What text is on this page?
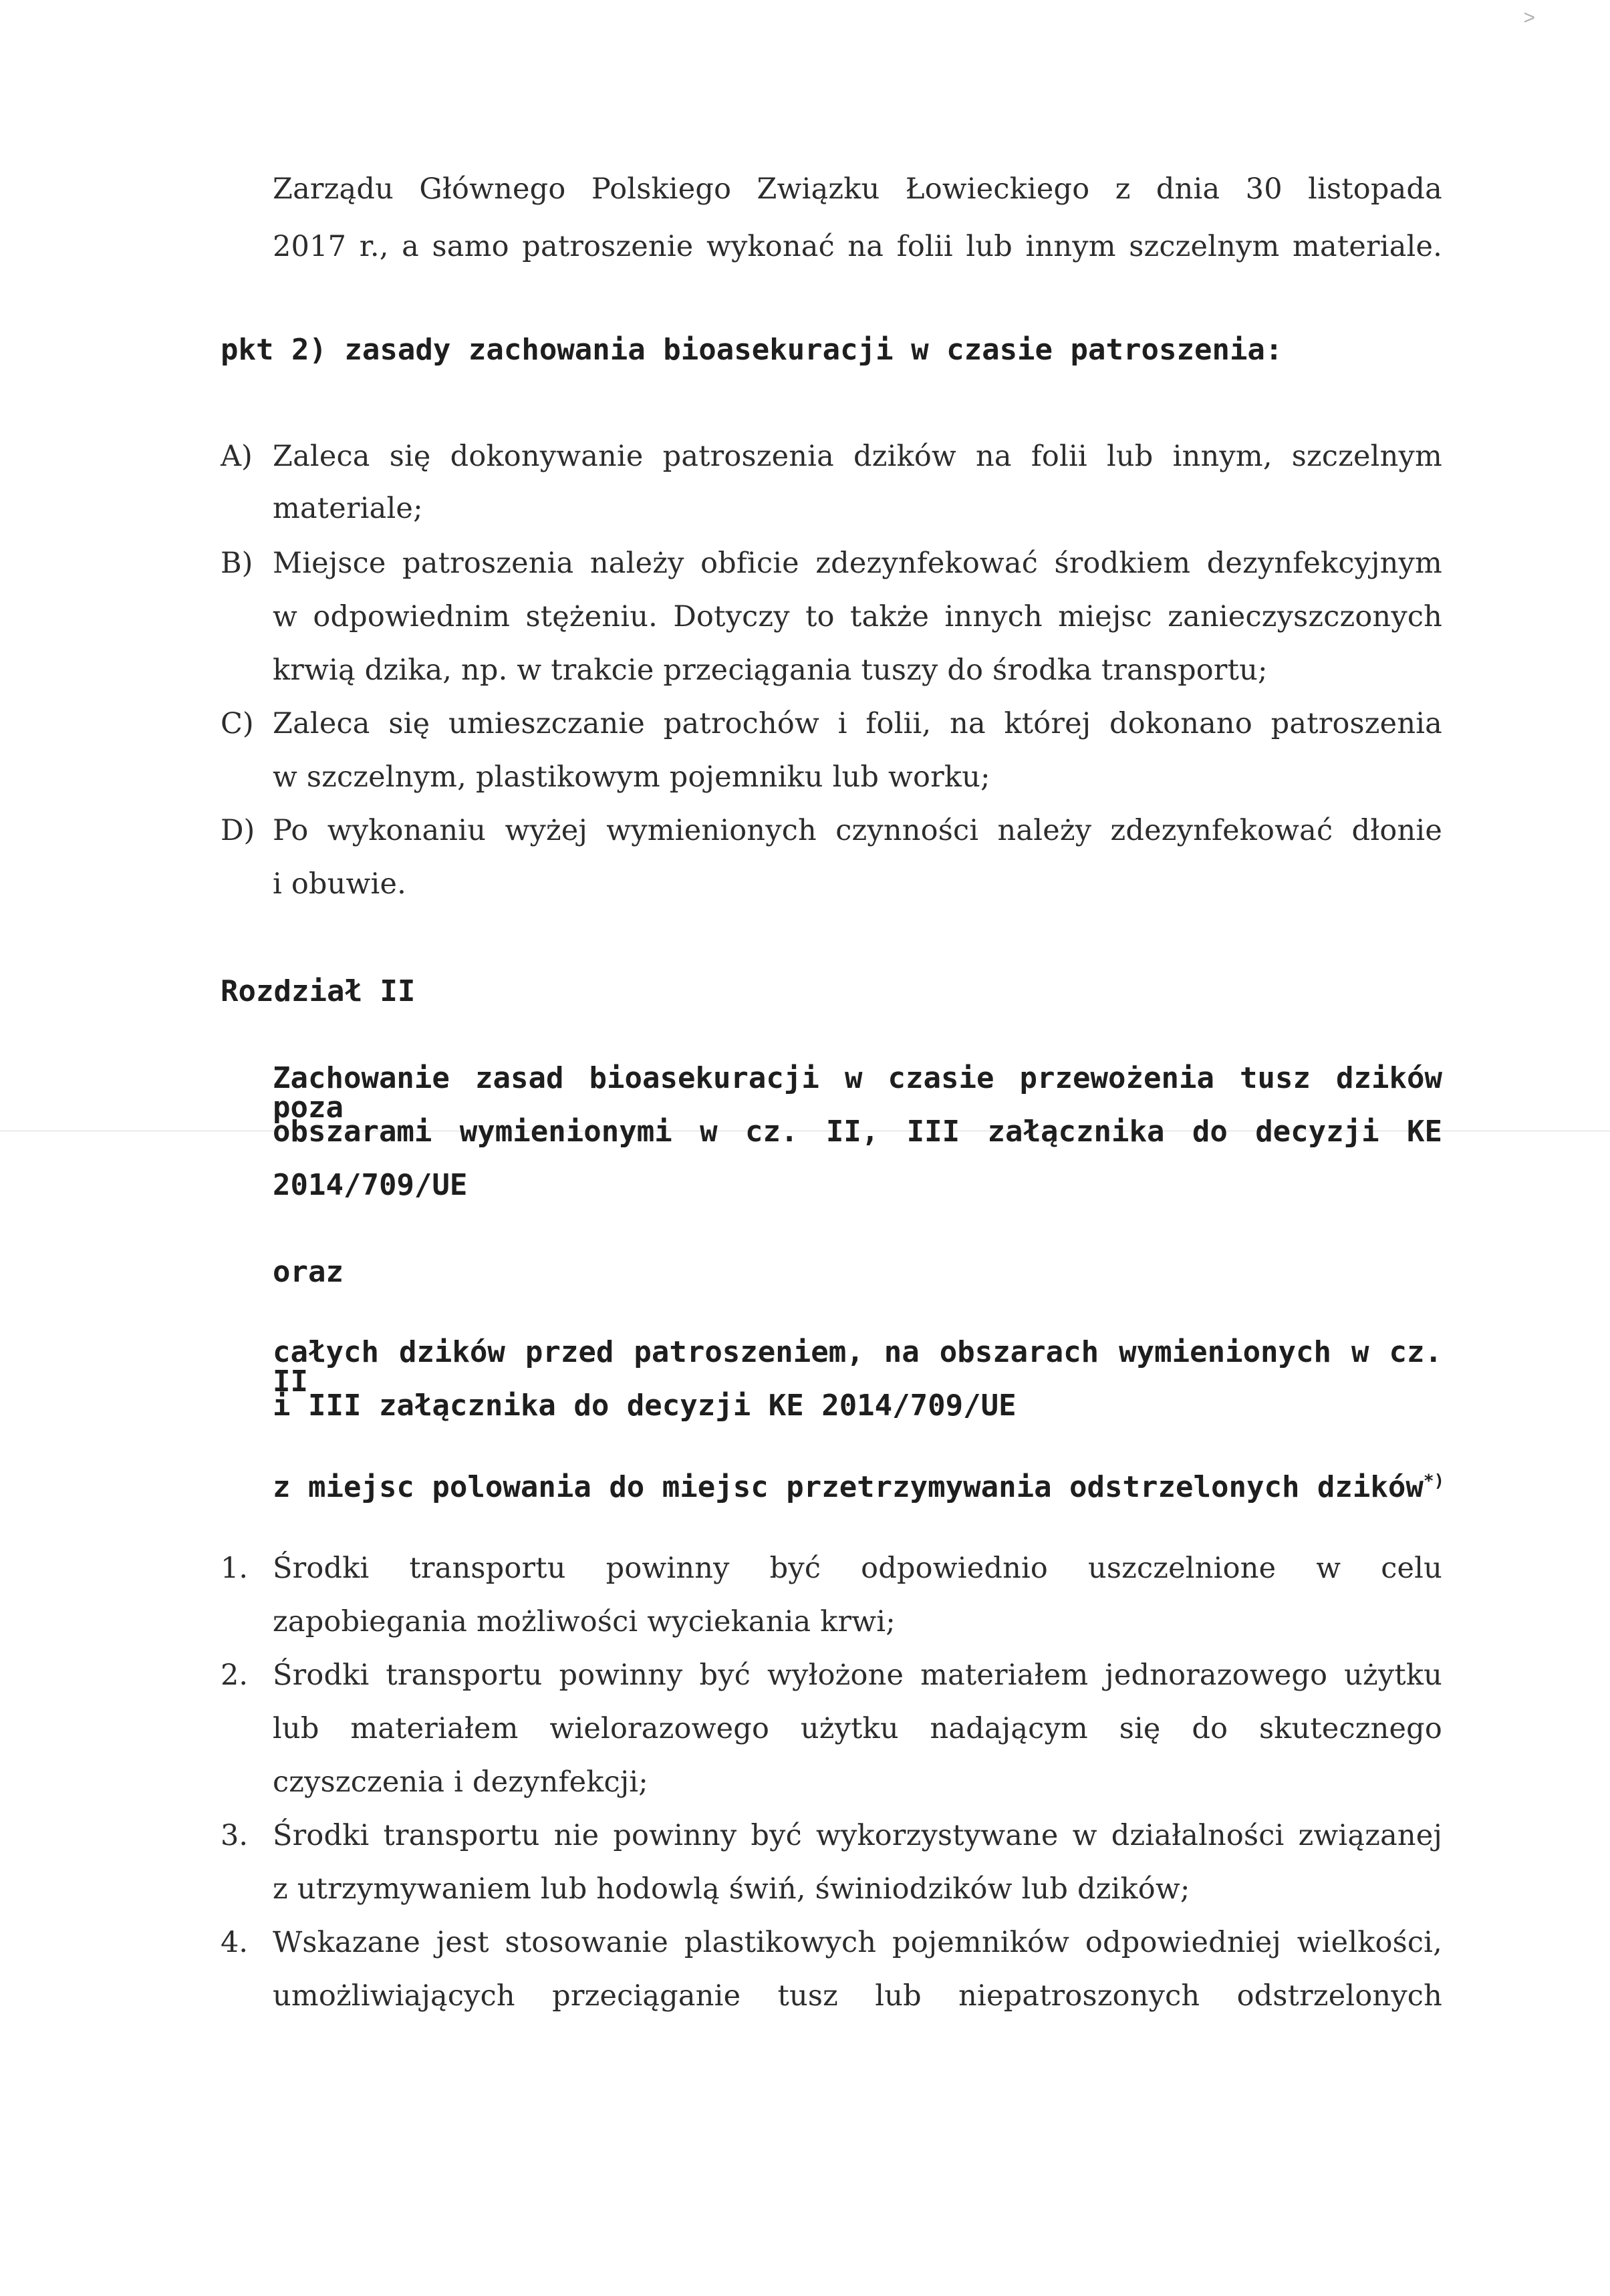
>
Zarządu Głównego Polskiego Związku Łowieckiego z dnia 30 listopada
2017 r., a samo patroszenie wykonać na folii lub innym szczelnym materiale.
pkt 2) zasady zachowania bioasekuracji w czasie patroszenia:
A) Zaleca się dokonywanie patroszenia dzików na folii lub innym, szczelnym
materiale;
B) Miejsce patroszenia należy obficie zdezynfekować środkiem dezynfekcyjnym
w odpowiednim stężeniu. Dotyczy to także innych miejsc zanieczyszczonych
krwią dzika, np. w trakcie przeciągania tuszy do środka transportu;
C) Zaleca się umieszczanie patrochów i folii, na której dokonano patroszenia
w szczelnym, plastikowym pojemniku lub worku;
D) Po wykonaniu wyżej wymienionych czynności należy zdezynfekować dłonie
i obuwie.
Rozdział II
Zachowanie zasad bioasekuracji w czasie przewożenia tusz dzików poza
obszarami wymienionymi w cz. II, III załącznika do decyzji KE
2014/709/UE
oraz
całych dzików przed patroszeniem, na obszarach wymienionych w cz. II
i III załącznika do decyzji KE 2014/709/UE
z miejsc polowania do miejsc przetrzymywania odstrzelonych dzików*)
1. Środki transportu powinny być odpowiednio uszczelnione w celu
zapobiegania możliwości wyciekania krwi;
2. Środki transportu powinny być wyłożone materiałem jednorazowego użytku
lub materiałem wielorazowego użytku nadającym się do skutecznego
czyszczenia i dezynfekcji;
3. Środki transportu nie powinny być wykorzystywane w działalności związanej
z utrzymywaniem lub hodowlą świń, świniodzików lub dzików;
4. Wskazane jest stosowanie plastikowych pojemników odpowiedniej wielkości,
umożliwiających przeciąganie tusz lub niepatroszonych odstrzelonych
